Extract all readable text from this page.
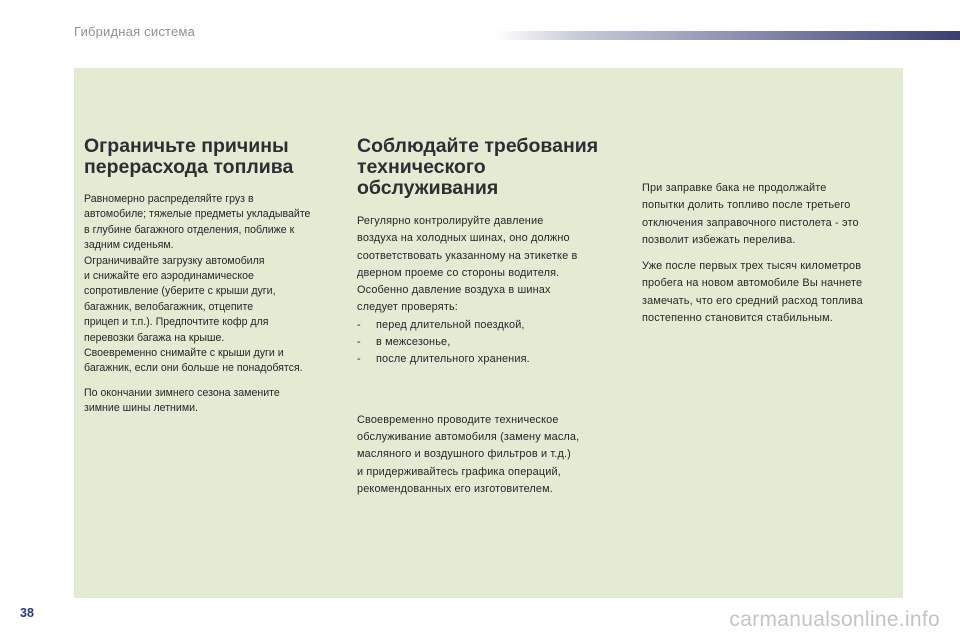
Гибридная система
Ограничьте причины
перерасхода топлива

Равномерно распределяйте груз в
автомобиле; тяжелые предметы укладывайте
в глубине багажного отделения, поближе к
задним сиденьям.
Ограничивайте загрузку автомобиля
и снижайте его аэродинамическое
сопротивление (уберите с крыши дуги,
багажник, велобагажник, отцепите
прицеп и т.п.). Предпочтите кофр для
перевозки багажа на крыше.
Своевременно снимайте с крыши дуги и
багажник, если они больше не понадобятся.

По окончании зимнего сезона замените
зимние шины летними.

Соблюдайте требования
технического обслуживания

Регулярно контролируйте давление
воздуха на холодных шинах, оно должно
соответствовать указанному на этикетке в
дверном проеме со стороны водителя.
Особенно давление воздуха в шинах
следует проверять:

-	перед длительной поездкой,
-	в межсезонье,
-	после длительного хранения.

Своевременно проводите техническое
обслуживание автомобиля (замену масла,
масляного и воздушного фильтров и т.д.)
и придерживайтесь графика операций,
рекомендованных его изготовителем.

При заправке бака не продолжайте
попытки долить топливо после третьего
отключения заправочного пистолета - это
позволит избежать перелива.

Уже после первых трех тысяч километров
пробега на новом автомобиле Вы начнете
замечать, что его средний расход топлива
постепенно становится стабильным.

38	carmanualsonline.info
